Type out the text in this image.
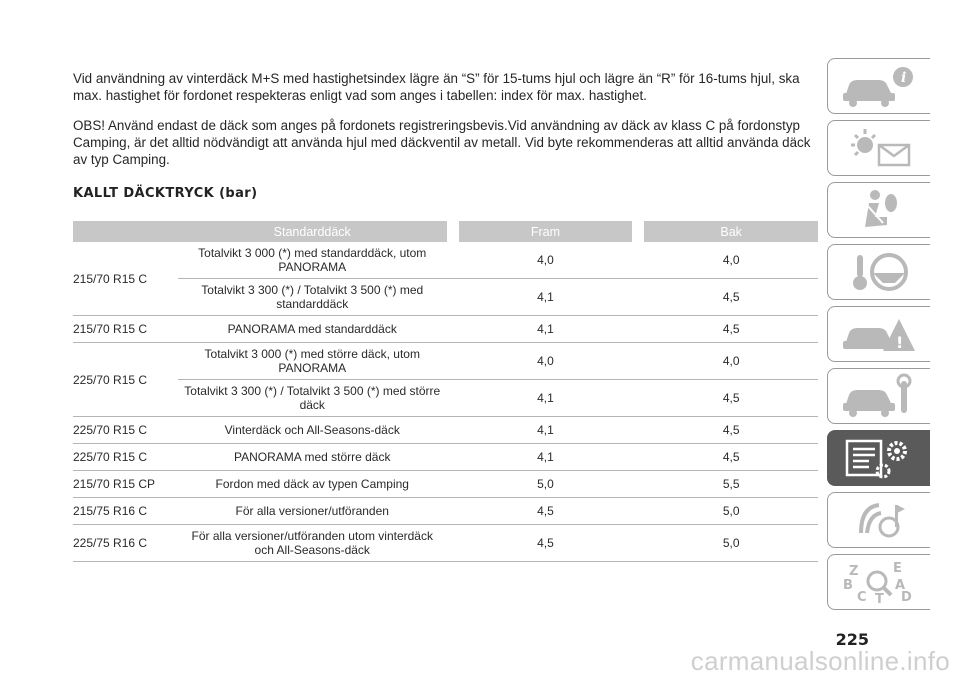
Vid användning av vinterdäck M+S med hastighetsindex lägre än “S” för 15-tums hjul och lägre än “R” för 16-tums hjul, ska max. hastighet för fordonet respekteras enligt vad som anges i tabellen: index för max. hastighet.

OBS! Använd endast de däck som anges på fordonets registreringsbevis.Vid användning av däck av klass C på fordonstyp Camping, är det alltid nödvändigt att använda hjul med däckventil av metall. Vid byte rekommenderas att alltid använda däck av typ Camping.

KALLT DÄCKTRYCK (bar)
	Standarddäck		Fram		Bak
215/70 R15 C	Totalvikt 3 000 (*) med standarddäck, utom PANORAMA		4,0		4,0
	Totalvikt 3 300 (*) / Totalvikt 3 500 (*) med standarddäck		4,1		4,5
215/70 R15 C	PANORAMA med standarddäck		4,1		4,5
225/70 R15 C	Totalvikt 3 000 (*) med större däck, utom PANORAMA		4,0		4,0
	Totalvikt 3 300 (*) / Totalvikt 3 500 (*) med större däck		4,1		4,5
225/70 R15 C	Vinterdäck och All-Seasons-däck		4,1		4,5
225/70 R15 C	PANORAMA med större däck		4,1		4,5
215/70 R15 CP	Fordon med däck av typen Camping		5,0		5,5
215/75 R16 C	För alla versioner/utföranden		4,5		5,0
225/75 R16 C	För alla versioner/utföranden utom vinterdäck och All-Seasons-däck		4,5		5,0
i
!
Z	E
B	A
C T D
225
carmanualsonline.info
